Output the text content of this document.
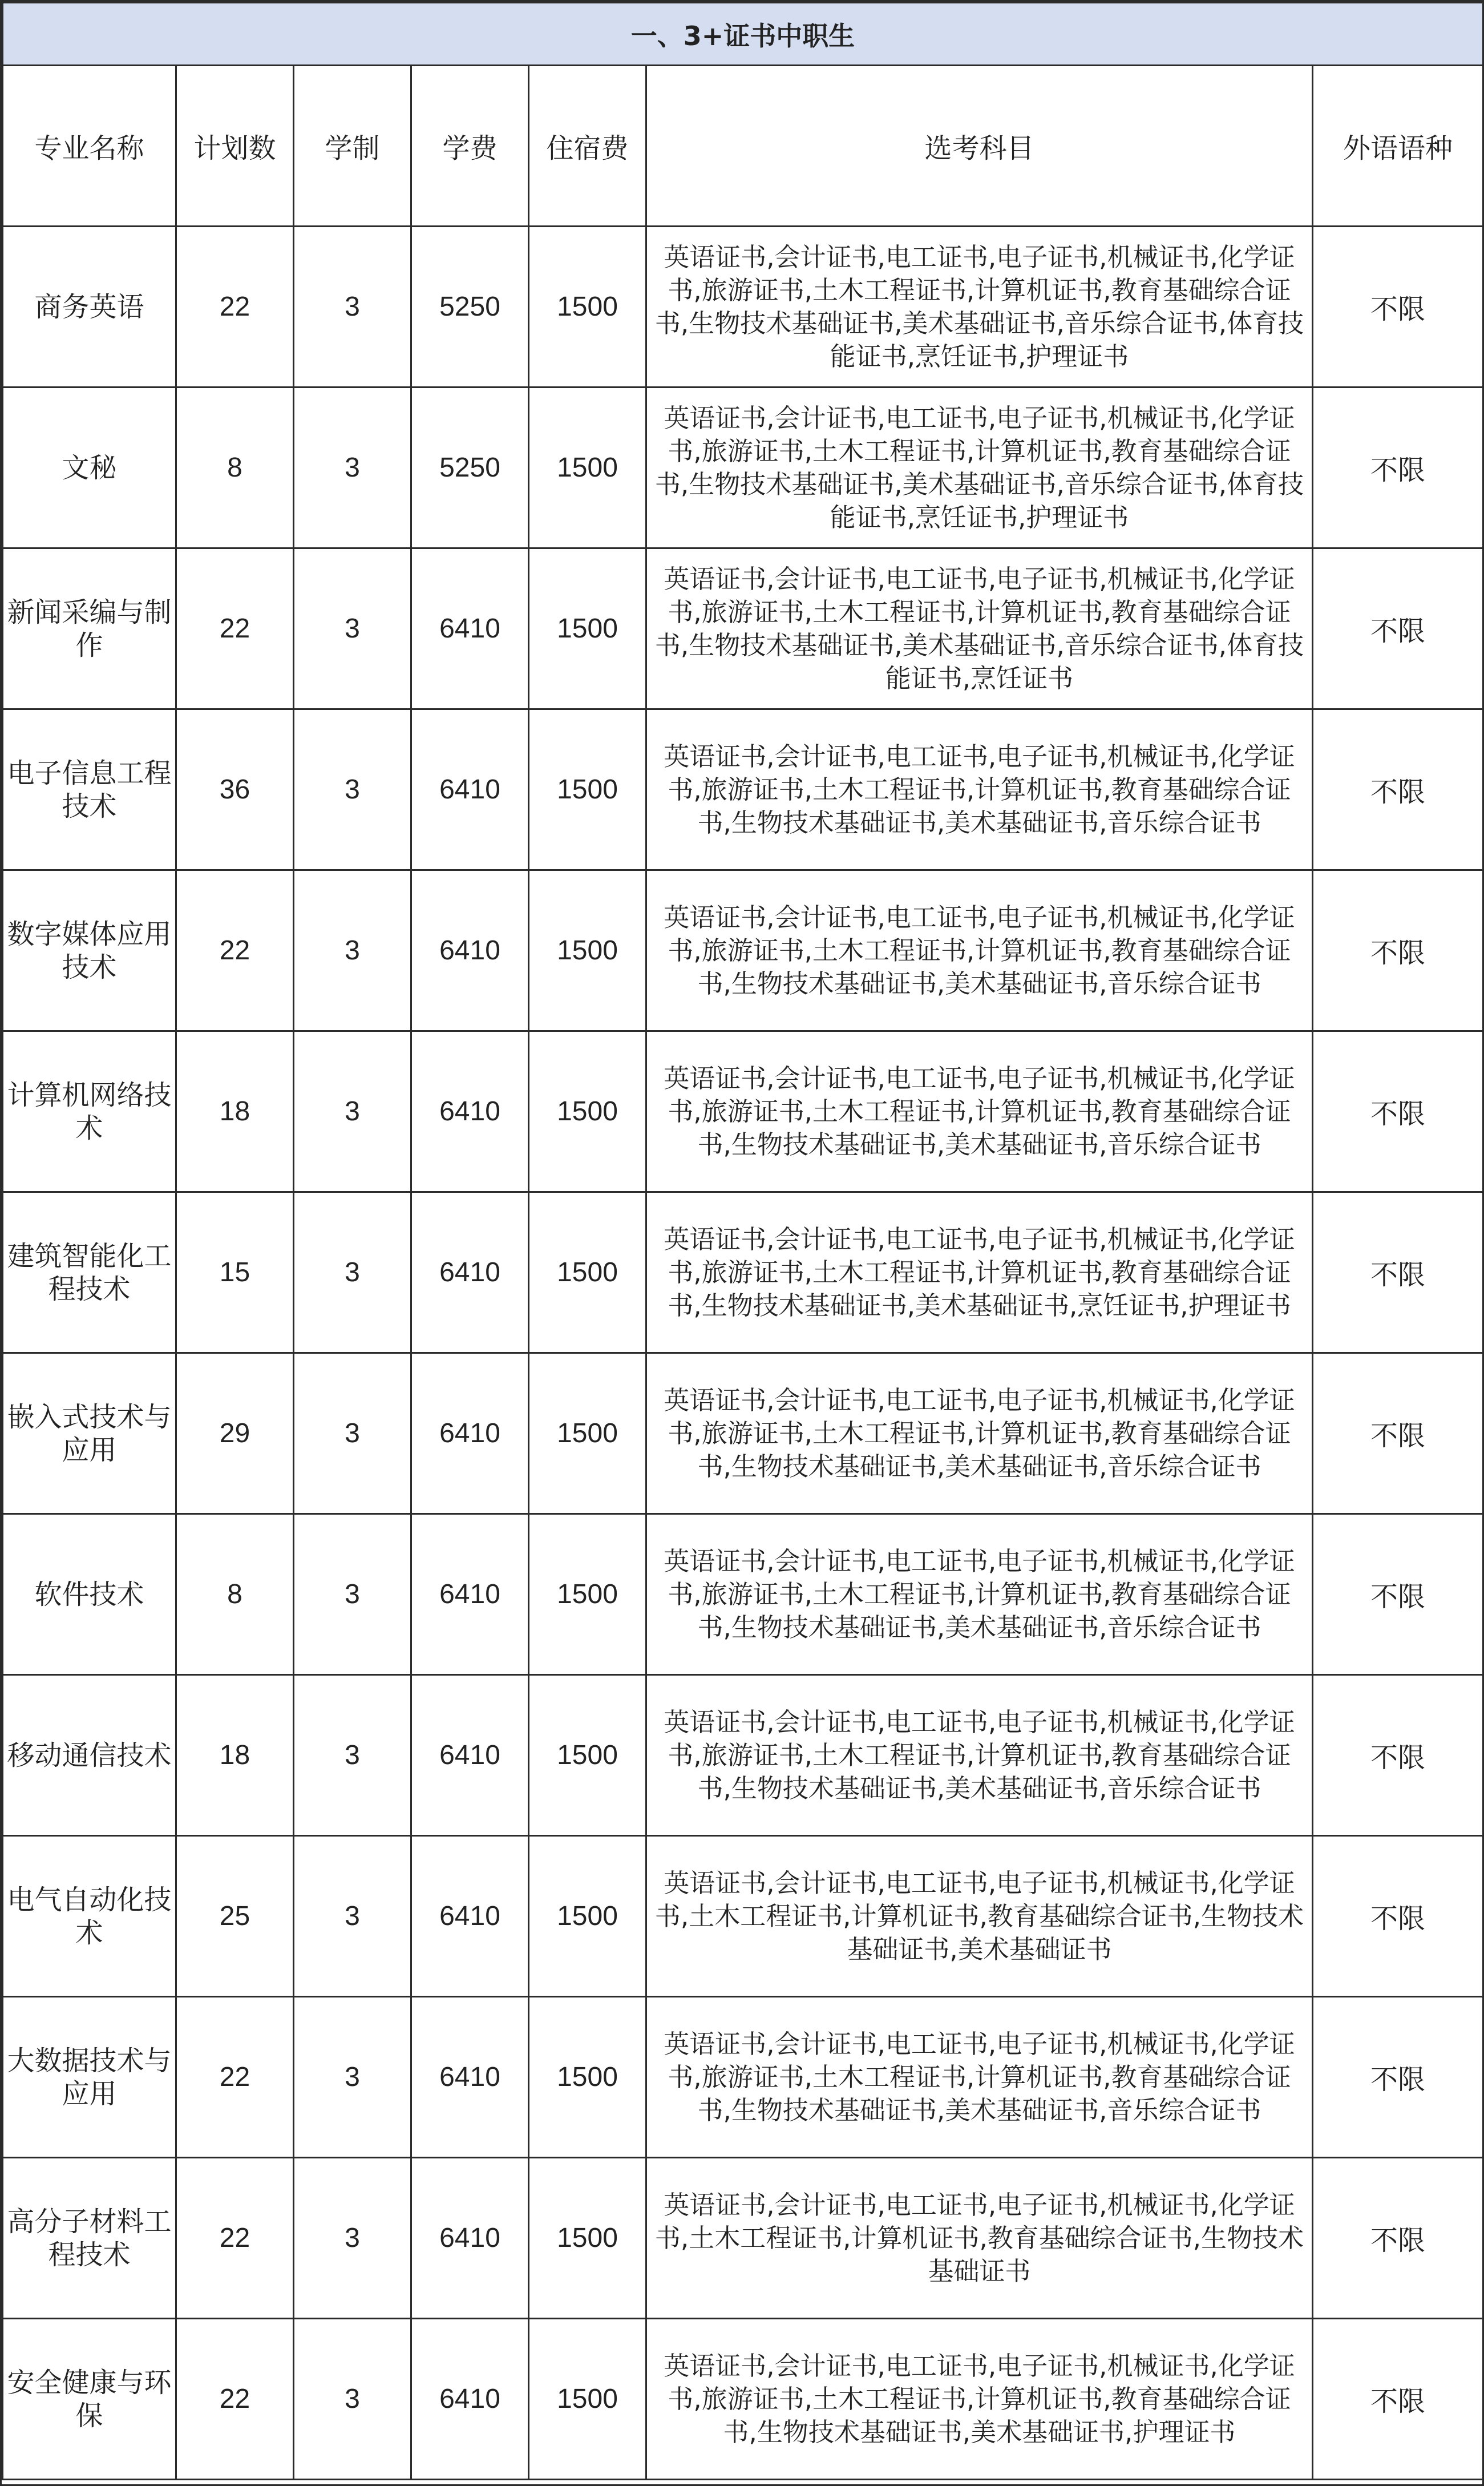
一、3+证书中职生						
专业名称	计划数	学制	学费	住宿费	选考科目	外语语种
商务英语	22	3	5250	1500	英语证书,会计证书,电工证书,电子证书,机械证书,化学证书,旅游证书,土木工程证书,计算机证书,教育基础综合证书,生物技术基础证书,美术基础证书,音乐综合证书,体育技能证书,烹饪证书,护理证书	不限
文秘	8	3	5250	1500	英语证书,会计证书,电工证书,电子证书,机械证书,化学证书,旅游证书,土木工程证书,计算机证书,教育基础综合证书,生物技术基础证书,美术基础证书,音乐综合证书,体育技能证书,烹饪证书,护理证书	不限
新闻采编与制作	22	3	6410	1500	英语证书,会计证书,电工证书,电子证书,机械证书,化学证书,旅游证书,土木工程证书,计算机证书,教育基础综合证书,生物技术基础证书,美术基础证书,音乐综合证书,体育技能证书,烹饪证书	不限
电子信息工程技术	36	3	6410	1500	英语证书,会计证书,电工证书,电子证书,机械证书,化学证书,旅游证书,土木工程证书,计算机证书,教育基础综合证书,生物技术基础证书,美术基础证书,音乐综合证书	不限
数字媒体应用技术	22	3	6410	1500	英语证书,会计证书,电工证书,电子证书,机械证书,化学证书,旅游证书,土木工程证书,计算机证书,教育基础综合证书,生物技术基础证书,美术基础证书,音乐综合证书	不限
计算机网络技术	18	3	6410	1500	英语证书,会计证书,电工证书,电子证书,机械证书,化学证书,旅游证书,土木工程证书,计算机证书,教育基础综合证书,生物技术基础证书,美术基础证书,音乐综合证书	不限
建筑智能化工程技术	15	3	6410	1500	英语证书,会计证书,电工证书,电子证书,机械证书,化学证书,旅游证书,土木工程证书,计算机证书,教育基础综合证书,生物技术基础证书,美术基础证书,烹饪证书,护理证书	不限
嵌入式技术与应用	29	3	6410	1500	英语证书,会计证书,电工证书,电子证书,机械证书,化学证书,旅游证书,土木工程证书,计算机证书,教育基础综合证书,生物技术基础证书,美术基础证书,音乐综合证书	不限
软件技术	8	3	6410	1500	英语证书,会计证书,电工证书,电子证书,机械证书,化学证书,旅游证书,土木工程证书,计算机证书,教育基础综合证书,生物技术基础证书,美术基础证书,音乐综合证书	不限
移动通信技术	18	3	6410	1500	英语证书,会计证书,电工证书,电子证书,机械证书,化学证书,旅游证书,土木工程证书,计算机证书,教育基础综合证书,生物技术基础证书,美术基础证书,音乐综合证书	不限
电气自动化技术	25	3	6410	1500	英语证书,会计证书,电工证书,电子证书,机械证书,化学证书,土木工程证书,计算机证书,教育基础综合证书,生物技术基础证书,美术基础证书	不限
大数据技术与应用	22	3	6410	1500	英语证书,会计证书,电工证书,电子证书,机械证书,化学证书,旅游证书,土木工程证书,计算机证书,教育基础综合证书,生物技术基础证书,美术基础证书,音乐综合证书	不限
高分子材料工程技术	22	3	6410	1500	英语证书,会计证书,电工证书,电子证书,机械证书,化学证书,土木工程证书,计算机证书,教育基础综合证书,生物技术基础证书	不限
安全健康与环保	22	3	6410	1500	英语证书,会计证书,电工证书,电子证书,机械证书,化学证书,旅游证书,土木工程证书,计算机证书,教育基础综合证书,生物技术基础证书,美术基础证书,护理证书	不限
